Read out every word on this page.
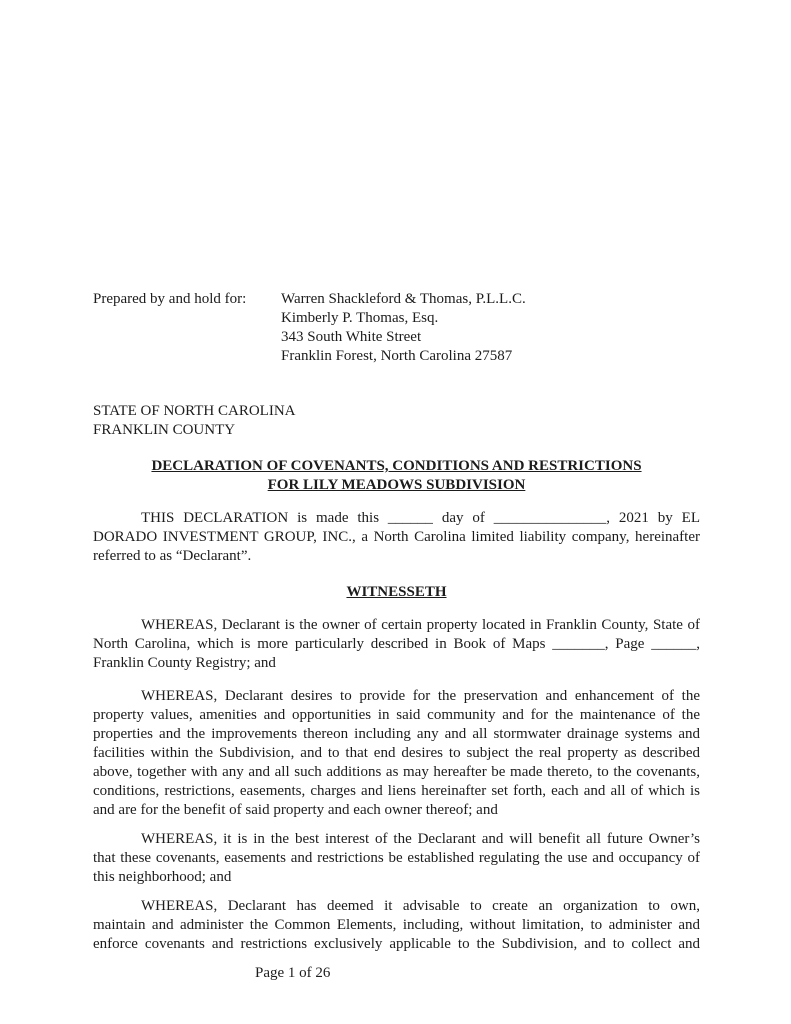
Prepared by and hold for:	Warren Shackleford & Thomas, P.L.L.C.
Kimberly P. Thomas, Esq.
343 South White Street
Franklin Forest, North Carolina 27587
STATE OF NORTH CAROLINA
FRANKLIN COUNTY
DECLARATION OF COVENANTS, CONDITIONS AND RESTRICTIONS
FOR LILY MEADOWS SUBDIVISION
THIS DECLARATION is made this ______ day of _______________, 2021 by EL
DORADO INVESTMENT GROUP, INC., a North Carolina limited liability company, hereinafter
referred to as “Declarant”.
WITNESSETH
WHEREAS, Declarant is the owner of certain property located in Franklin County, State of
North Carolina, which is more particularly described in Book of Maps _______, Page ______,
Franklin County Registry; and
WHEREAS, Declarant desires to provide for the preservation and enhancement of the
property values, amenities and opportunities in said community and for the maintenance of the
properties and the improvements thereon including any and all stormwater drainage systems and
facilities within the Subdivision, and to that end desires to subject the real property as described
above, together with any and all such additions as may hereafter be made thereto, to the covenants,
conditions, restrictions, easements, charges and liens hereinafter set forth, each and all of which is
and are for the benefit of said property and each owner thereof; and
WHEREAS, it is in the best interest of the Declarant and will benefit all future Owner’s
that these covenants, easements and restrictions be established regulating the use and occupancy of
this neighborhood; and
WHEREAS, Declarant has deemed it advisable to create an organization to own,
maintain and administer the Common Elements, including, without limitation, to administer and
enforce covenants and restrictions exclusively applicable to the Subdivision, and to collect and
Page 1 of 26
